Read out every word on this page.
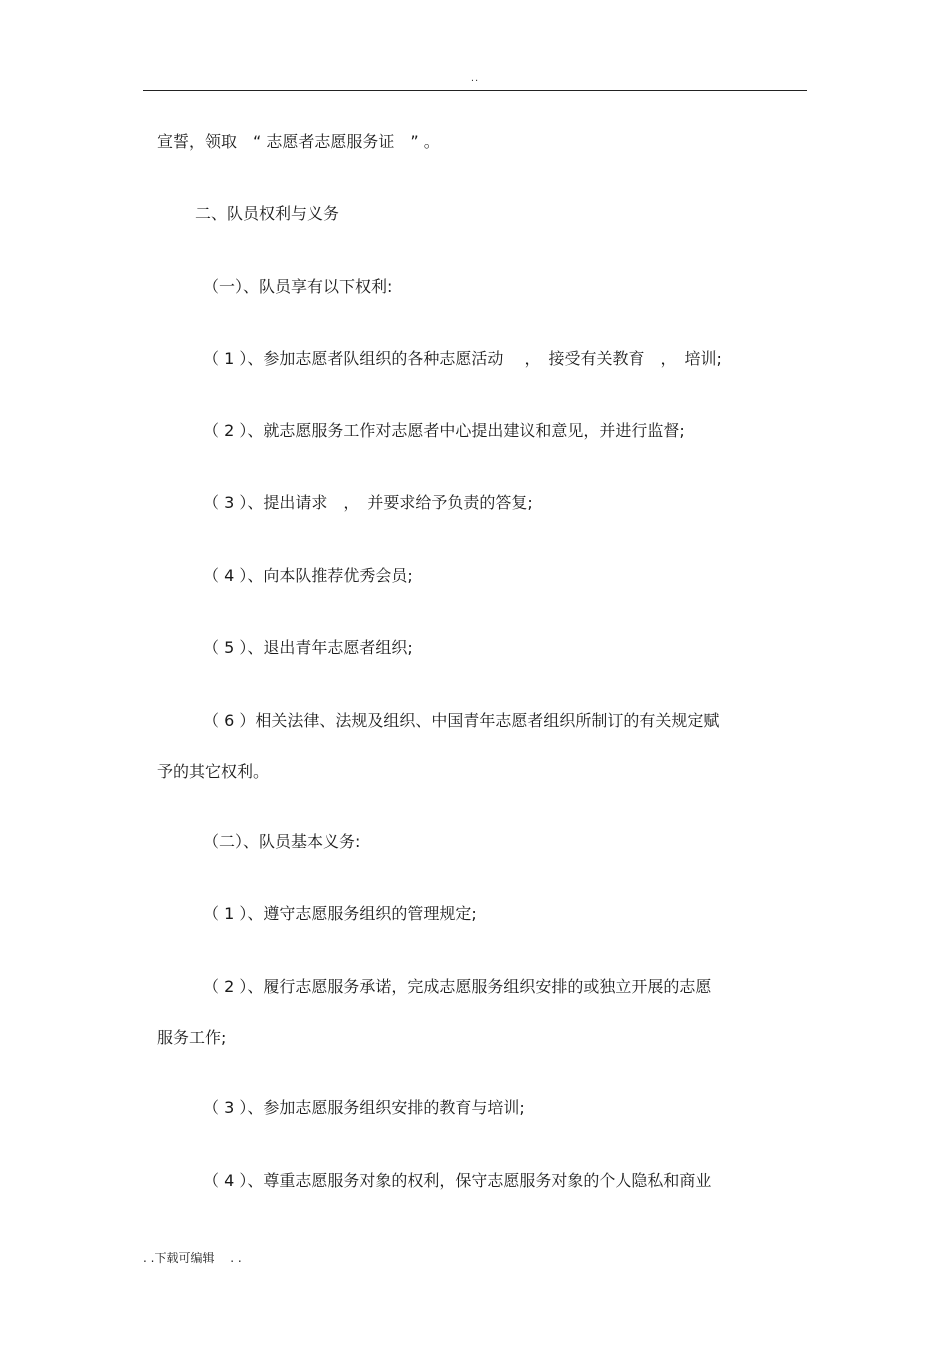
..
宣誓，领取　“ 志愿者志愿服务证　” 。
二、队员权利与义务
（一）、队员享有以下权利:
（ 1 ）、参加志愿者队组织的各种志愿活动　 ，　接受有关教育　，　培训;
（ 2 ）、就志愿服务工作对志愿者中心提出建议和意见，并进行监督;
（ 3 ）、提出请求　，　并要求给予负责的答复;
（ 4 ）、向本队推荐优秀会员;
（ 5 ）、退出青年志愿者组织;
（ 6 ）相关法律、法规及组织、中国青年志愿者组织所制订的有关规定赋
予的其它权利。
（二）、队员基本义务:
（ 1 ）、遵守志愿服务组织的管理规定;
（ 2 ）、履行志愿服务承诺，完成志愿服务组织安排的或独立开展的志愿
服务工作;
（ 3 ）、参加志愿服务组织安排的教育与培训;
（ 4 ）、尊重志愿服务对象的权利，保守志愿服务对象的个人隐私和商业
. .下载可编辑　 . .
